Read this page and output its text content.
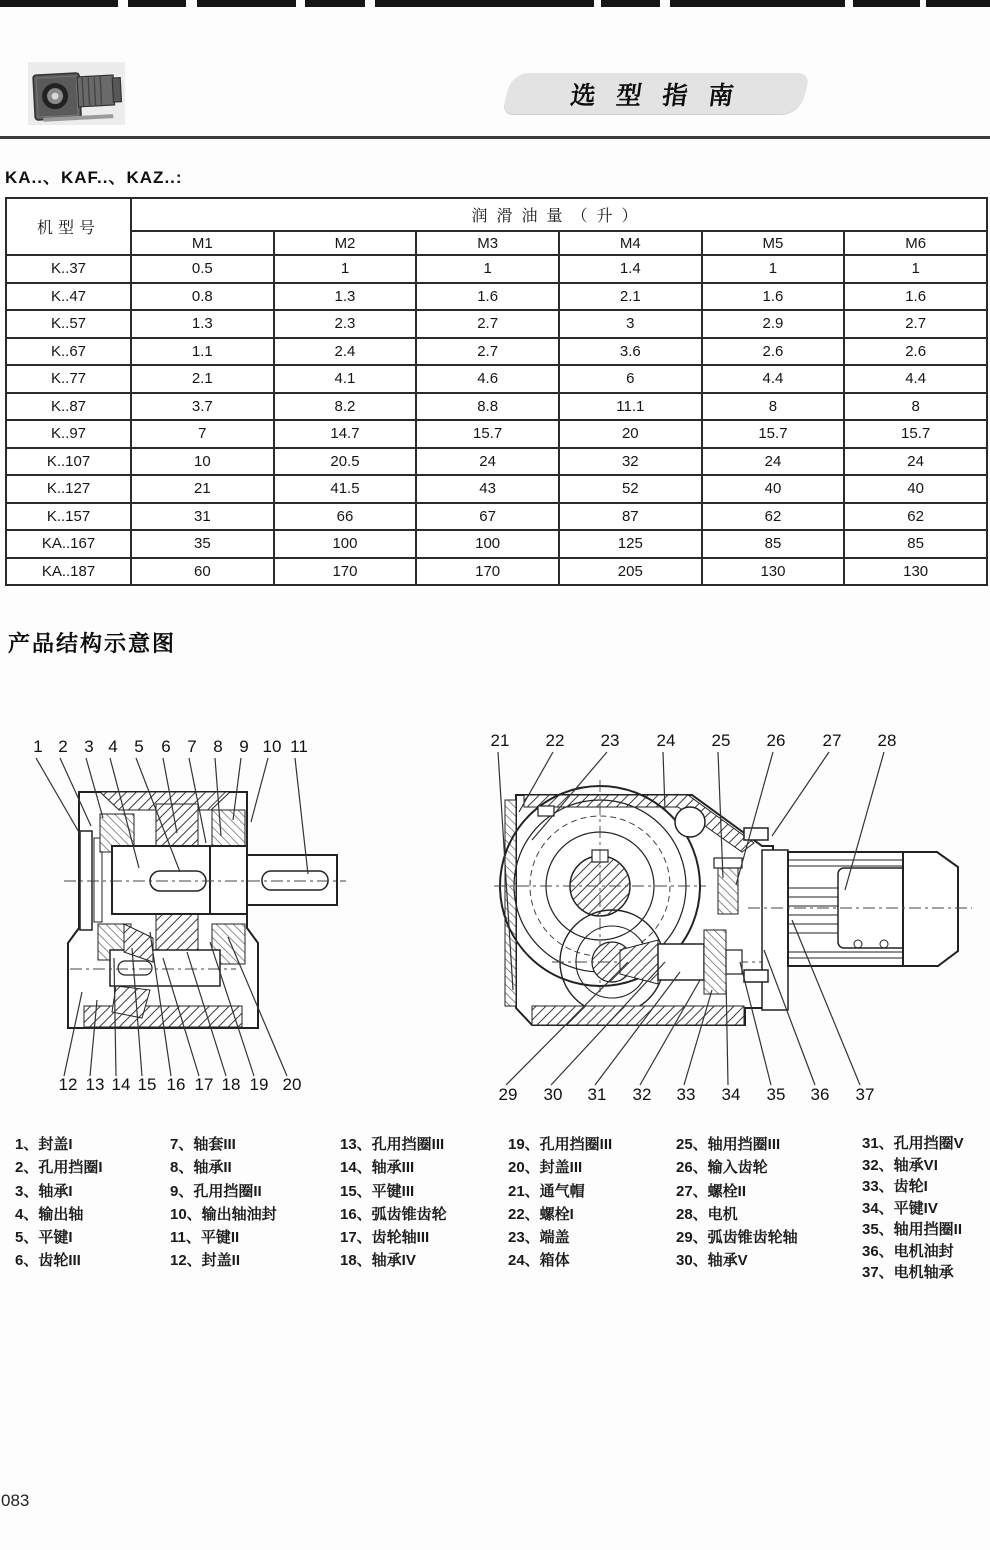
选 型 指 南
KA..、KAF..、KAZ..:
机型号	润滑油量（升）					
	M1	M2	M3	M4	M5	M6
K..37	0.5	1	1	1.4	1	1
K..47	0.8	1.3	1.6	2.1	1.6	1.6
K..57	1.3	2.3	2.7	3	2.9	2.7
K..67	1.1	2.4	2.7	3.6	2.6	2.6
K..77	2.1	4.1	4.6	6	4.4	4.4
K..87	3.7	8.2	8.8	11.1	8	8
K..97	7	14.7	15.7	20	15.7	15.7
K..107	10	20.5	24	32	24	24
K..127	21	41.5	43	52	40	40
K..157	31	66	67	87	62	62
KA..167	35	100	100	125	85	85
KA..187	60	170	170	205	130	130
产品结构示意图
1 2 3 4 5 6 7 8 9 10 11
12 13 14 15 16 17 18 19 20
21 22 23 24 25 26 27 28
29 30 31 32 33 34 35 36 37
1、封盖I
2、孔用挡圈I
3、轴承I
4、输出轴
5、平键I
6、齿轮III
7、轴套III
8、轴承II
9、孔用挡圈II
10、输出轴油封
11、平键II
12、封盖II
13、孔用挡圈III
14、轴承III
15、平键III
16、弧齿锥齿轮
17、齿轮轴III
18、轴承IV
19、孔用挡圈III
20、封盖III
21、通气帽
22、螺栓I
23、端盖
24、箱体
25、轴用挡圈III
26、输入齿轮
27、螺栓II
28、电机
29、弧齿锥齿轮轴
30、轴承V
31、孔用挡圈V
32、轴承VI
33、齿轮I
34、平键IV
35、轴用挡圈II
36、电机油封
37、电机轴承
083
